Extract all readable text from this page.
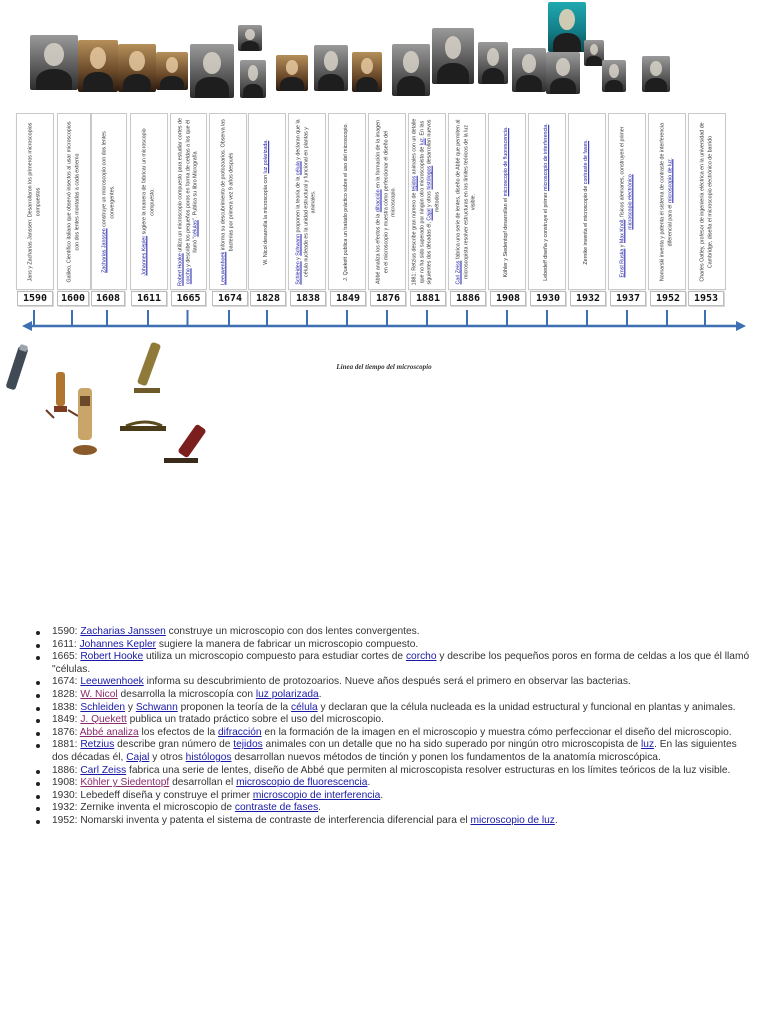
Jans y Zacharias Janssen: Desarrollaron los primeros microscopios compuestos
1590
Galileo, Científico italiano que observó insectos al usar microscopios con dos lentes montadas a cada extremo
1600
Zacharias Janssen construye un microscopio con dos lentes convergentes.
1608
Johannes Kepler sugiere la manera de fabricar un microscopio compuesto.
1611
Robert Hooke utiliza un microscopio compuesto para estudiar cortes de corcho y describe los pequeños poros en forma de celdas a los que él llamó "células". Publica su libro Micrografía
1665
Leeuwenhoek informa su descubrimiento de protozoarios. Observa las bacterias por primera vez 9 años después
1674
W. Nicol desarrolla la microscopía con luz polarizada.
1828
Schleiden y Schwann proponen la teoría de la célula y declaran que la célula nucleada es la unidad estructural y funcional en plantas y animales.
1838
J. Quekett publica un tratado práctico sobre el uso del microscopio.
1849
Abbé analiza los efectos de la difracción en la formación de la imagen en el microscopio y muestra cómo perfeccionar el diseño del microscopio.
1876
1881: Retzius describe gran número de tejidos animales con un detalle que no ha sido superado por ningún otro microscopista de luz. En las siguientes dos décadas él, Cajal y otros histólogos desarrollan nuevos métodos
1881
Carl Zeiss fabrica una serie de lentes, diseño de Abbé que permiten al microscopista resolver estructuras en los límites teóricos de la luz visible.
1886
Köhler y Siedentopf desarrollan el microscopio de fluorescencia.
1908
Lebedeff diseña y construye el primer microscopio de interferencia.
1930
Zernike inventa el microscopio de contraste de fases.
1932
Ernst Ruska y Max Knoll, físicos alemanes, construyen el primer microscopio electrónico
1937
Nomarski inventa y patenta el sistema de contraste de interferencia diferencial para el microscopio de luz.
1952
Charles Oatley, profesor de ingeniería eléctrica en la universidad de Cambridge, diseña el microscopio electrónico de barrido
1953
Línea del tiempo del microscopio
1590: Zacharias Janssen construye un microscopio con dos lentes convergentes.
1611: Johannes Kepler sugiere la manera de fabricar un microscopio compuesto.
1665: Robert Hooke utiliza un microscopio compuesto para estudiar cortes de corcho y describe los pequeños poros en forma de celdas a los que él llamó "células.
1674: Leeuwenhoek informa su descubrimiento de protozoarios. Nueve años después será el primero en observar las bacterias.
1828: W. Nicol desarrolla la microscopía con luz polarizada.
1838: Schleiden y Schwann proponen la teoría de la célula y declaran que la célula nucleada es la unidad estructural y funcional en plantas y animales.
1849: J. Quekett publica un tratado práctico sobre el uso del microscopio.
1876: Abbé analiza los efectos de la difracción en la formación de la imagen en el microscopio y muestra cómo perfeccionar el diseño del microscopio.
1881: Retzius describe gran número de tejidos animales con un detalle que no ha sido superado por ningún otro microscopista de luz. En las siguientes dos décadas él, Cajal y otros histólogos desarrollan nuevos métodos de tinción y ponen los fundamentos de la anatomía microscópica.
1886: Carl Zeiss fabrica una serie de lentes, diseño de Abbé que permiten al microscopista resolver estructuras en los límites teóricos de la luz visible.
1908: Köhler y Siedentopf desarrollan el microscopio de fluorescencia.
1930: Lebedeff diseña y construye el primer microscopio de interferencia.
1932: Zernike inventa el microscopio de contraste de fases.
1952: Nomarski inventa y patenta el sistema de contraste de interferencia diferencial para el microscopio de luz.
